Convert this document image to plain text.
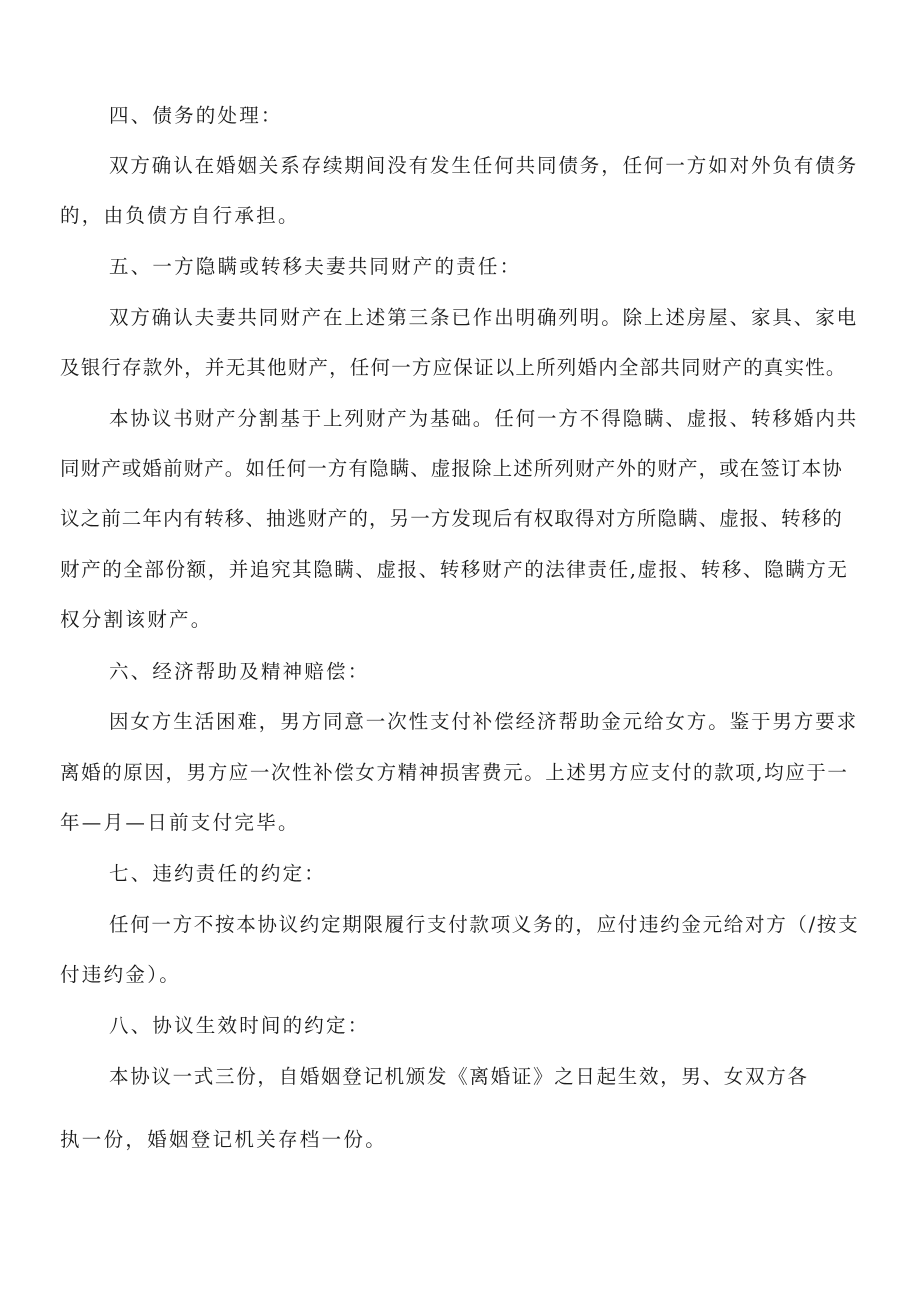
四、债务的处理：
双方确认在婚姻关系存续期间没有发生任何共同债务，任何一方如对外负有债务
的，由负债方自行承担。
五、一方隐瞒或转移夫妻共同财产的责任：
双方确认夫妻共同财产在上述第三条已作出明确列明。除上述房屋、家具、家电
及银行存款外，并无其他财产，任何一方应保证以上所列婚内全部共同财产的真实性。
本协议书财产分割基于上列财产为基础。任何一方不得隐瞒、虚报、转移婚内共
同财产或婚前财产。如任何一方有隐瞒、虚报除上述所列财产外的财产，或在签订本协
议之前二年内有转移、抽逃财产的，另一方发现后有权取得对方所隐瞒、虚报、转移的
财产的全部份额，并追究其隐瞒、虚报、转移财产的法律责任,虚报、转移、隐瞒方无
权分割该财产。
六、经济帮助及精神赔偿：
因女方生活困难，男方同意一次性支付补偿经济帮助金元给女方。鉴于男方要求
离婚的原因，男方应一次性补偿女方精神损害费元。上述男方应支付的款项,均应于一
年—月—日前支付完毕。
七、违约责任的约定：
任何一方不按本协议约定期限履行支付款项义务的，应付违约金元给对方（/按支
付违约金）。
八、协议生效时间的约定：
本协议一式三份，自婚姻登记机颁发《离婚证》之日起生效，男、女双方各
执一份，婚姻登记机关存档一份。
